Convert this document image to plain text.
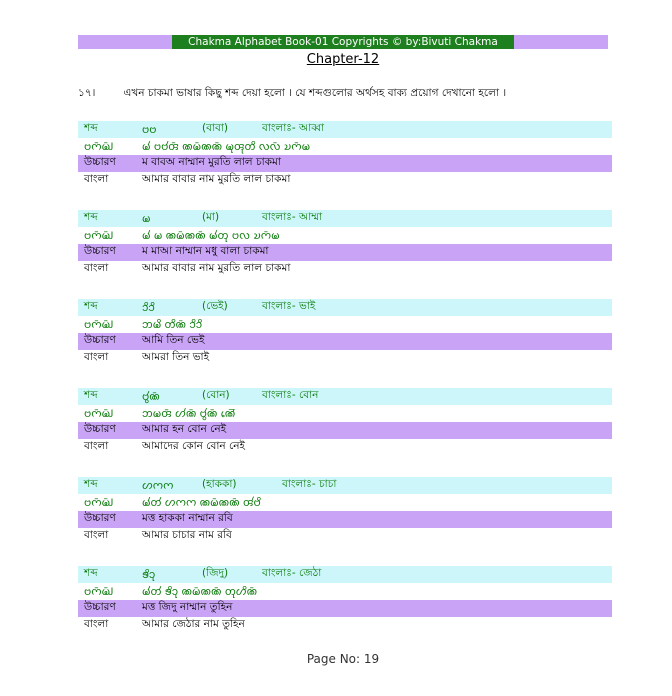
Chakma Alphabet Book-01 Copyrights © by:Bivuti Chakma
Chapter-12
১৭।	এখন চাকমা ভাষার কিছু শব্দ দেয়া হলো । যে শব্দগুলোর অর্থসহ বাক্য প্রয়োগ দেখানো হলো ।
শব্দ	𑄝𑄝	(বাবা)	বাংলাঃ- আব্বা
𑄝𑄇𑄴𑄟𑄳𑄠𑄴	𑄟𑄧 𑄝𑄝𑄧𑄢𑄴 𑄚𑄟𑄴𑄚𑄚𑄴 𑄟𑄪𑄢𑄪𑄖𑄨 𑄣𑄣𑄴 𑄌𑄇𑄴𑄟
উচ্চারণ	ম বাবঅ নাম্মান মুরতি লাল চাকমা
বাংলা	আমার বাবার নাম মুরতি লাল চাকমা
শব্দ	𑄟	(মা)	বাংলাঃ- আম্মা
𑄝𑄇𑄴𑄟𑄳𑄠𑄴	𑄟𑄧 𑄟 𑄚𑄟𑄴𑄚𑄚𑄴 𑄟𑄧𑄖𑄪 𑄝𑄣 𑄌𑄇𑄴𑄟
উচ্চারণ	ম মাআ নাম্মান মধু বালা চাকমা
বাংলা	আমার বাবার নাম মুরতি লাল চাকমা
শব্দ	𑄘𑄨𑄘𑄨	(ভেই)	বাংলাঃ- ভাই
𑄝𑄇𑄴𑄟𑄳𑄠𑄴	𑄃𑄟𑄨 𑄖𑄨𑄚𑄴 𑄘𑄨𑄘𑄨
উচ্চারণ	আমি তিন ভেই
বাংলা	আমরা তিন ভাই
শব্দ	𑄝𑄮𑄚𑄴	(বোন)	বাংলাঃ- বোন
𑄝𑄇𑄴𑄟𑄳𑄠𑄴	𑄃𑄟𑄢𑄴 𑄦𑄧𑄚𑄴 𑄝𑄮𑄚𑄴 𑄚𑄬𑄭
উচ্চারণ	আমার হন বোন নেই
বাংলা	আমাদের কোন বোন নেই
শব্দ	𑄦𑄇𑄇	(হাককা)	বাংলাঃ- চাচা
𑄝𑄇𑄴𑄟𑄳𑄠𑄴	𑄟𑄧𑄖𑄧 𑄦𑄇𑄇 𑄚𑄟𑄴𑄚𑄚𑄴 𑄢𑄧𑄝𑄨
উচ্চারণ	মত্ত হাককা নাম্মান রবি
বাংলা	আমার চাচার নাম রবি
শব্দ	𑄎𑄨𑄘𑄪	(জিদু)	বাংলাঃ- জেঠা
𑄝𑄇𑄴𑄟𑄳𑄠𑄴	𑄟𑄧𑄖𑄧 𑄎𑄨𑄘𑄪 𑄚𑄟𑄴𑄚𑄚𑄴 𑄖𑄪𑄦𑄨𑄚𑄴
উচ্চারণ	মত্ত জিদু নাম্মান তুহিন
বাংলা	আমার জেঠার নাম তুহিন
Page No: 19
